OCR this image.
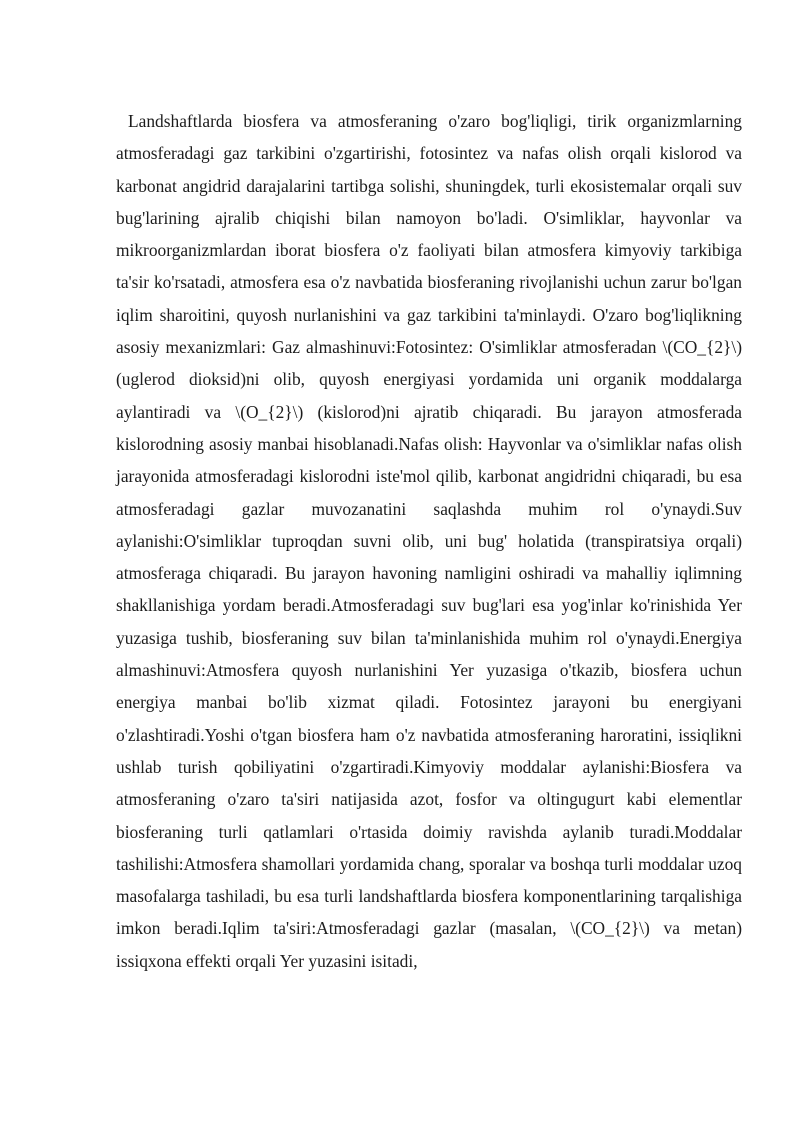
Landshaftlarda biosfera va atmosferaning o'zaro bog'liqligi, tirik organizmlarning atmosferadagi gaz tarkibini o'zgartirishi, fotosintez va nafas olish orqali kislorod va karbonat angidrid darajalarini tartibga solishi, shuningdek, turli ekosistemalar orqali suv bug'larining ajralib chiqishi bilan namoyon bo'ladi. O'simliklar, hayvonlar va mikroorganizmlardan iborat biosfera o'z faoliyati bilan atmosfera kimyoviy tarkibiga ta'sir ko'rsatadi, atmosfera esa o'z navbatida biosferaning rivojlanishi uchun zarur bo'lgan iqlim sharoitini, quyosh nurlanishini va gaz tarkibini ta'minlaydi. O'zaro bog'liqlikning asosiy mexanizmlari: Gaz almashinuvi:Fotosintez: O'simliklar atmosferadan \(CO_{2}\) (uglerod dioksid)ni olib, quyosh energiyasi yordamida uni organik moddalarga aylantiradi va \(O_{2}\) (kislorod)ni ajratib chiqaradi. Bu jarayon atmosferada kislorodning asosiy manbai hisoblanadi.Nafas olish: Hayvonlar va o'simliklar nafas olish jarayonida atmosferadagi kislorodni iste'mol qilib, karbonat angidridni chiqaradi, bu esa atmosferadagi gazlar muvozanatini saqlashda muhim rol o'ynaydi.Suv aylanishi:O'simliklar tuproqdan suvni olib, uni bug' holatida (transpiratsiya orqali) atmosferaga chiqaradi. Bu jarayon havoning namligini oshiradi va mahalliy iqlimning shakllanishiga yordam beradi.Atmosferadagi suv bug'lari esa yog'inlar ko'rinishida Yer yuzasiga tushib, biosferaning suv bilan ta'minlanishida muhim rol o'ynaydi.Energiya almashinuvi:Atmosfera quyosh nurlanishini Yer yuzasiga o'tkazib, biosfera uchun energiya manbai bo'lib xizmat qiladi. Fotosintez jarayoni bu energiyani o'zlashtiradi.Yoshi o'tgan biosfera ham o'z navbatida atmosferaning haroratini, issiqlikni ushlab turish qobiliyatini o'zgartiradi.Kimyoviy moddalar aylanishi:Biosfera va atmosferaning o'zaro ta'siri natijasida azot, fosfor va oltingugurt kabi elementlar biosferaning turli qatlamlari o'rtasida doimiy ravishda aylanib turadi.Moddalar tashilishi:Atmosfera shamollari yordamida chang, sporalar va boshqa turli moddalar uzoq masofalarga tashiladi, bu esa turli landshaftlarda biosfera komponentlarining tarqalishiga imkon beradi.Iqlim ta'siri:Atmosferadagi gazlar (masalan, \(CO_{2}\) va metan) issiqxona effekti orqali Yer yuzasini isitadi,
